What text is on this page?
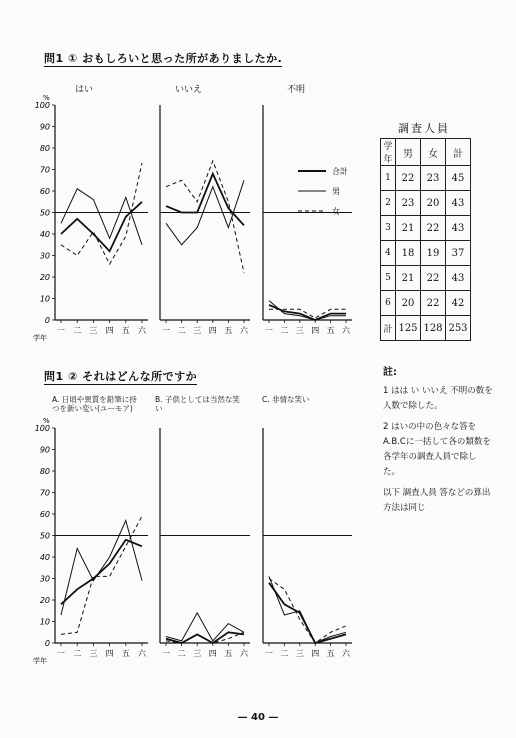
問1 ① おもしろいと思った所がありましたか.
はい	いいえ	不明
%
0
10
20
30
40
50
60
70
80
90
100
学年
一 二 三 四 五 六 一 二 三 四 五 六 一 二 三 四 五 六
%
0
10
20
30
40
50
60
70
80
90
100
学年
一 二 三 四 五 六 一 二 三 四 五 六 一 二 三 四 五 六
合計
男
女
調査人員
学年	男	女	計
1	22	23	45
2	23	20	43
3	21	22	43
4	18	19	37
5	21	22	43
6	20	22	42
計	125	128	253
問1 ② それはどんな所ですか
A. 日頃や異質を鉛筆に持つを新い変い(ユーモア)
B. 子供としては当然な笑い
C. 非情な笑い

註:

1 はは い いいえ 不明の数を人数で除した。

2 はいの中の色々な答をA.B.Cに一括して各の類数を各学年の調査人員で除した。

以下 調査人員 答などの算出方法は同じ

— 40 —
